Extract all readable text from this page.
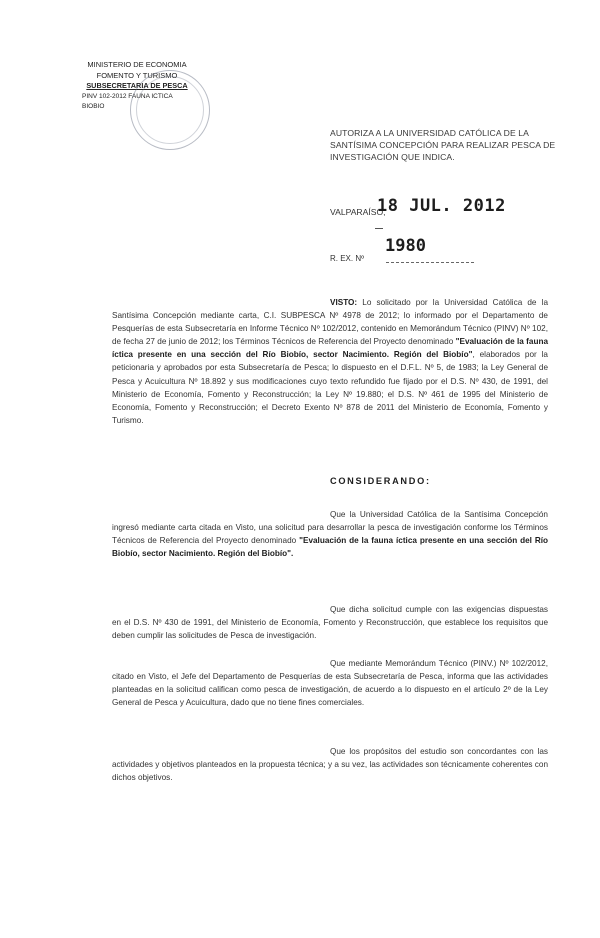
MINISTERIO DE ECONOMIA
FOMENTO Y TURISMO
SUBSECRETARIA DE PESCA
PINV 102-2012 FAUNA ICTICA
BIOBIO
AUTORIZA A LA UNIVERSIDAD CATÓLICA DE LA SANTÍSIMA CONCEPCIÓN PARA REALIZAR PESCA DE INVESTIGACIÓN QUE INDICA.
VALPARAÍSO,
18 JUL. 2012
1980
R. EX. Nº
VISTO: Lo solicitado por la Universidad Católica de la Santísima Concepción mediante carta, C.I. SUBPESCA Nº 4978 de 2012; lo informado por el Departamento de Pesquerías de esta Subsecretaría en Informe Técnico Nº 102/2012, contenido en Memorándum Técnico (PINV) Nº 102, de fecha 27 de junio de 2012; los Términos Técnicos de Referencia del Proyecto denominado "Evaluación de la fauna íctica presente en una sección del Río Biobío, sector Nacimiento. Región del Biobío", elaborados por la peticionaria y aprobados por esta Subsecretaría de Pesca; lo dispuesto en el D.F.L. Nº 5, de 1983; la Ley General de Pesca y Acuicultura Nº 18.892 y sus modificaciones cuyo texto refundido fue fijado por el D.S. Nº 430, de 1991, del Ministerio de Economía, Fomento y Reconstrucción; la Ley Nº 19.880; el D.S. Nº 461 de 1995 del Ministerio de Economía, Fomento y Reconstrucción; el Decreto Exento Nº 878 de 2011 del Ministerio de Economía, Fomento y Turismo.
CONSIDERANDO:
Que la Universidad Católica de la Santísima Concepción ingresó mediante carta citada en Visto, una solicitud para desarrollar la pesca de investigación conforme los Términos Técnicos de Referencia del Proyecto denominado "Evaluación de la fauna íctica presente en una sección del Río Biobío, sector Nacimiento. Región del Biobío".
Que dicha solicitud cumple con las exigencias dispuestas en el D.S. Nº 430 de 1991, del Ministerio de Economía, Fomento y Reconstrucción, que establece los requisitos que deben cumplir las solicitudes de Pesca de investigación.
Que mediante Memorándum Técnico (PINV.) Nº 102/2012, citado en Visto, el Jefe del Departamento de Pesquerías de esta Subsecretaría de Pesca, informa que las actividades planteadas en la solicitud califican como pesca de investigación, de acuerdo a lo dispuesto en el artículo 2º de la Ley General de Pesca y Acuicultura, dado que no tiene fines comerciales.
Que los propósitos del estudio son concordantes con las actividades y objetivos planteados en la propuesta técnica; y a su vez, las actividades son técnicamente coherentes con dichos objetivos.
